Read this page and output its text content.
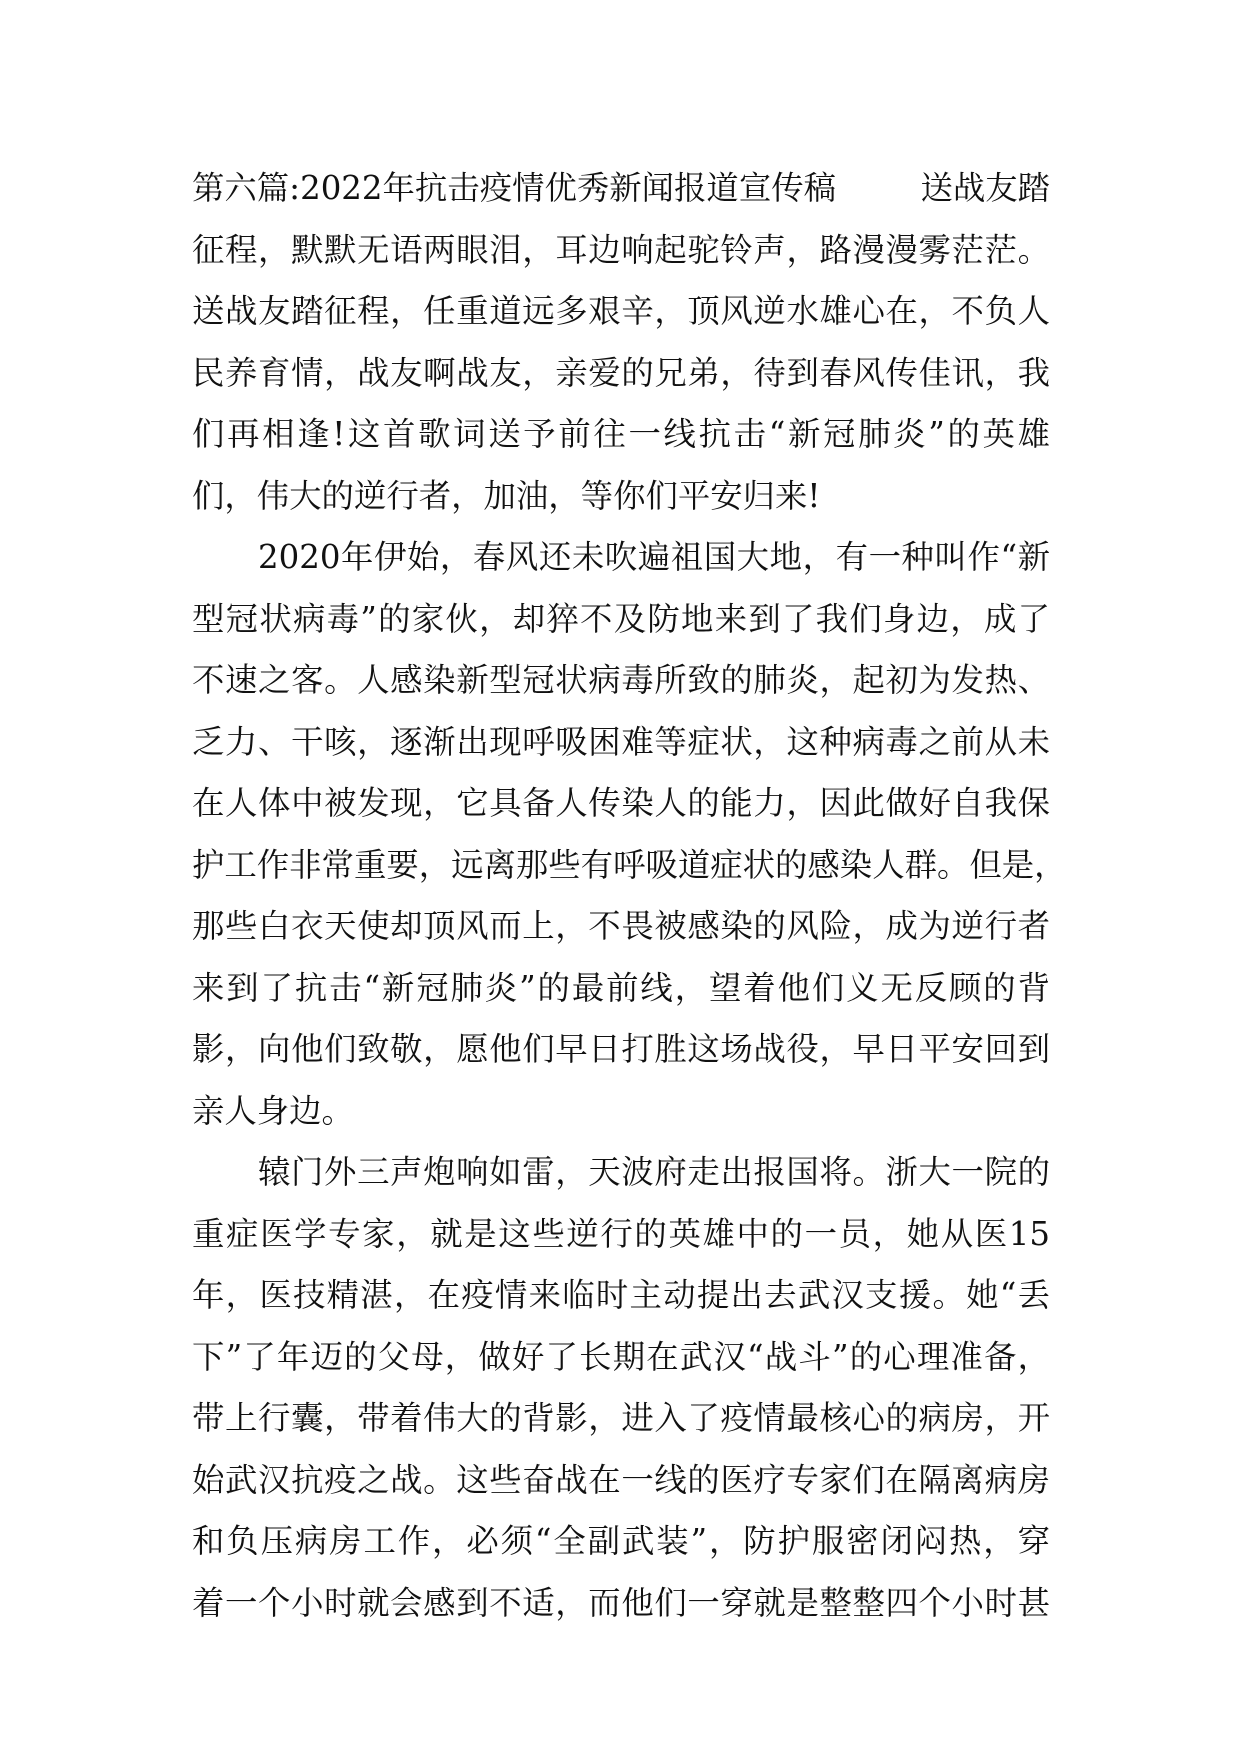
第六篇:2022年抗击疫情优秀新闻报道宣传稿	送战友踏
征程，默默无语两眼泪，耳边响起驼铃声，路漫漫雾茫茫。
送战友踏征程，任重道远多艰辛，顶风逆水雄心在，不负人
民养育情，战友啊战友，亲爱的兄弟，待到春风传佳讯，我
们再相逢!这首歌词送予前往一线抗击“新冠肺炎”的英雄
们，伟大的逆行者，加油，等你们平安归来!
2020年伊始，春风还未吹遍祖国大地，有一种叫作“新
型冠状病毒”的家伙，却猝不及防地来到了我们身边，成了
不速之客。人感染新型冠状病毒所致的肺炎，起初为发热、
乏力、干咳，逐渐出现呼吸困难等症状，这种病毒之前从未
在人体中被发现，它具备人传染人的能力，因此做好自我保
护工作非常重要，远离那些有呼吸道症状的感染人群。但是，
那些白衣天使却顶风而上，不畏被感染的风险，成为逆行者
来到了抗击“新冠肺炎”的最前线，望着他们义无反顾的背
影，向他们致敬，愿他们早日打胜这场战役，早日平安回到
亲人身边。
辕门外三声炮响如雷，天波府走出报国将。浙大一院的
重症医学专家，就是这些逆行的英雄中的一员，她从医15
年，医技精湛，在疫情来临时主动提出去武汉支援。她“丢
下”了年迈的父母，做好了长期在武汉“战斗”的心理准备，
带上行囊，带着伟大的背影，进入了疫情最核心的病房，开
始武汉抗疫之战。这些奋战在一线的医疗专家们在隔离病房
和负压病房工作，必须“全副武装”，防护服密闭闷热，穿
着一个小时就会感到不适，而他们一穿就是整整四个小时甚
